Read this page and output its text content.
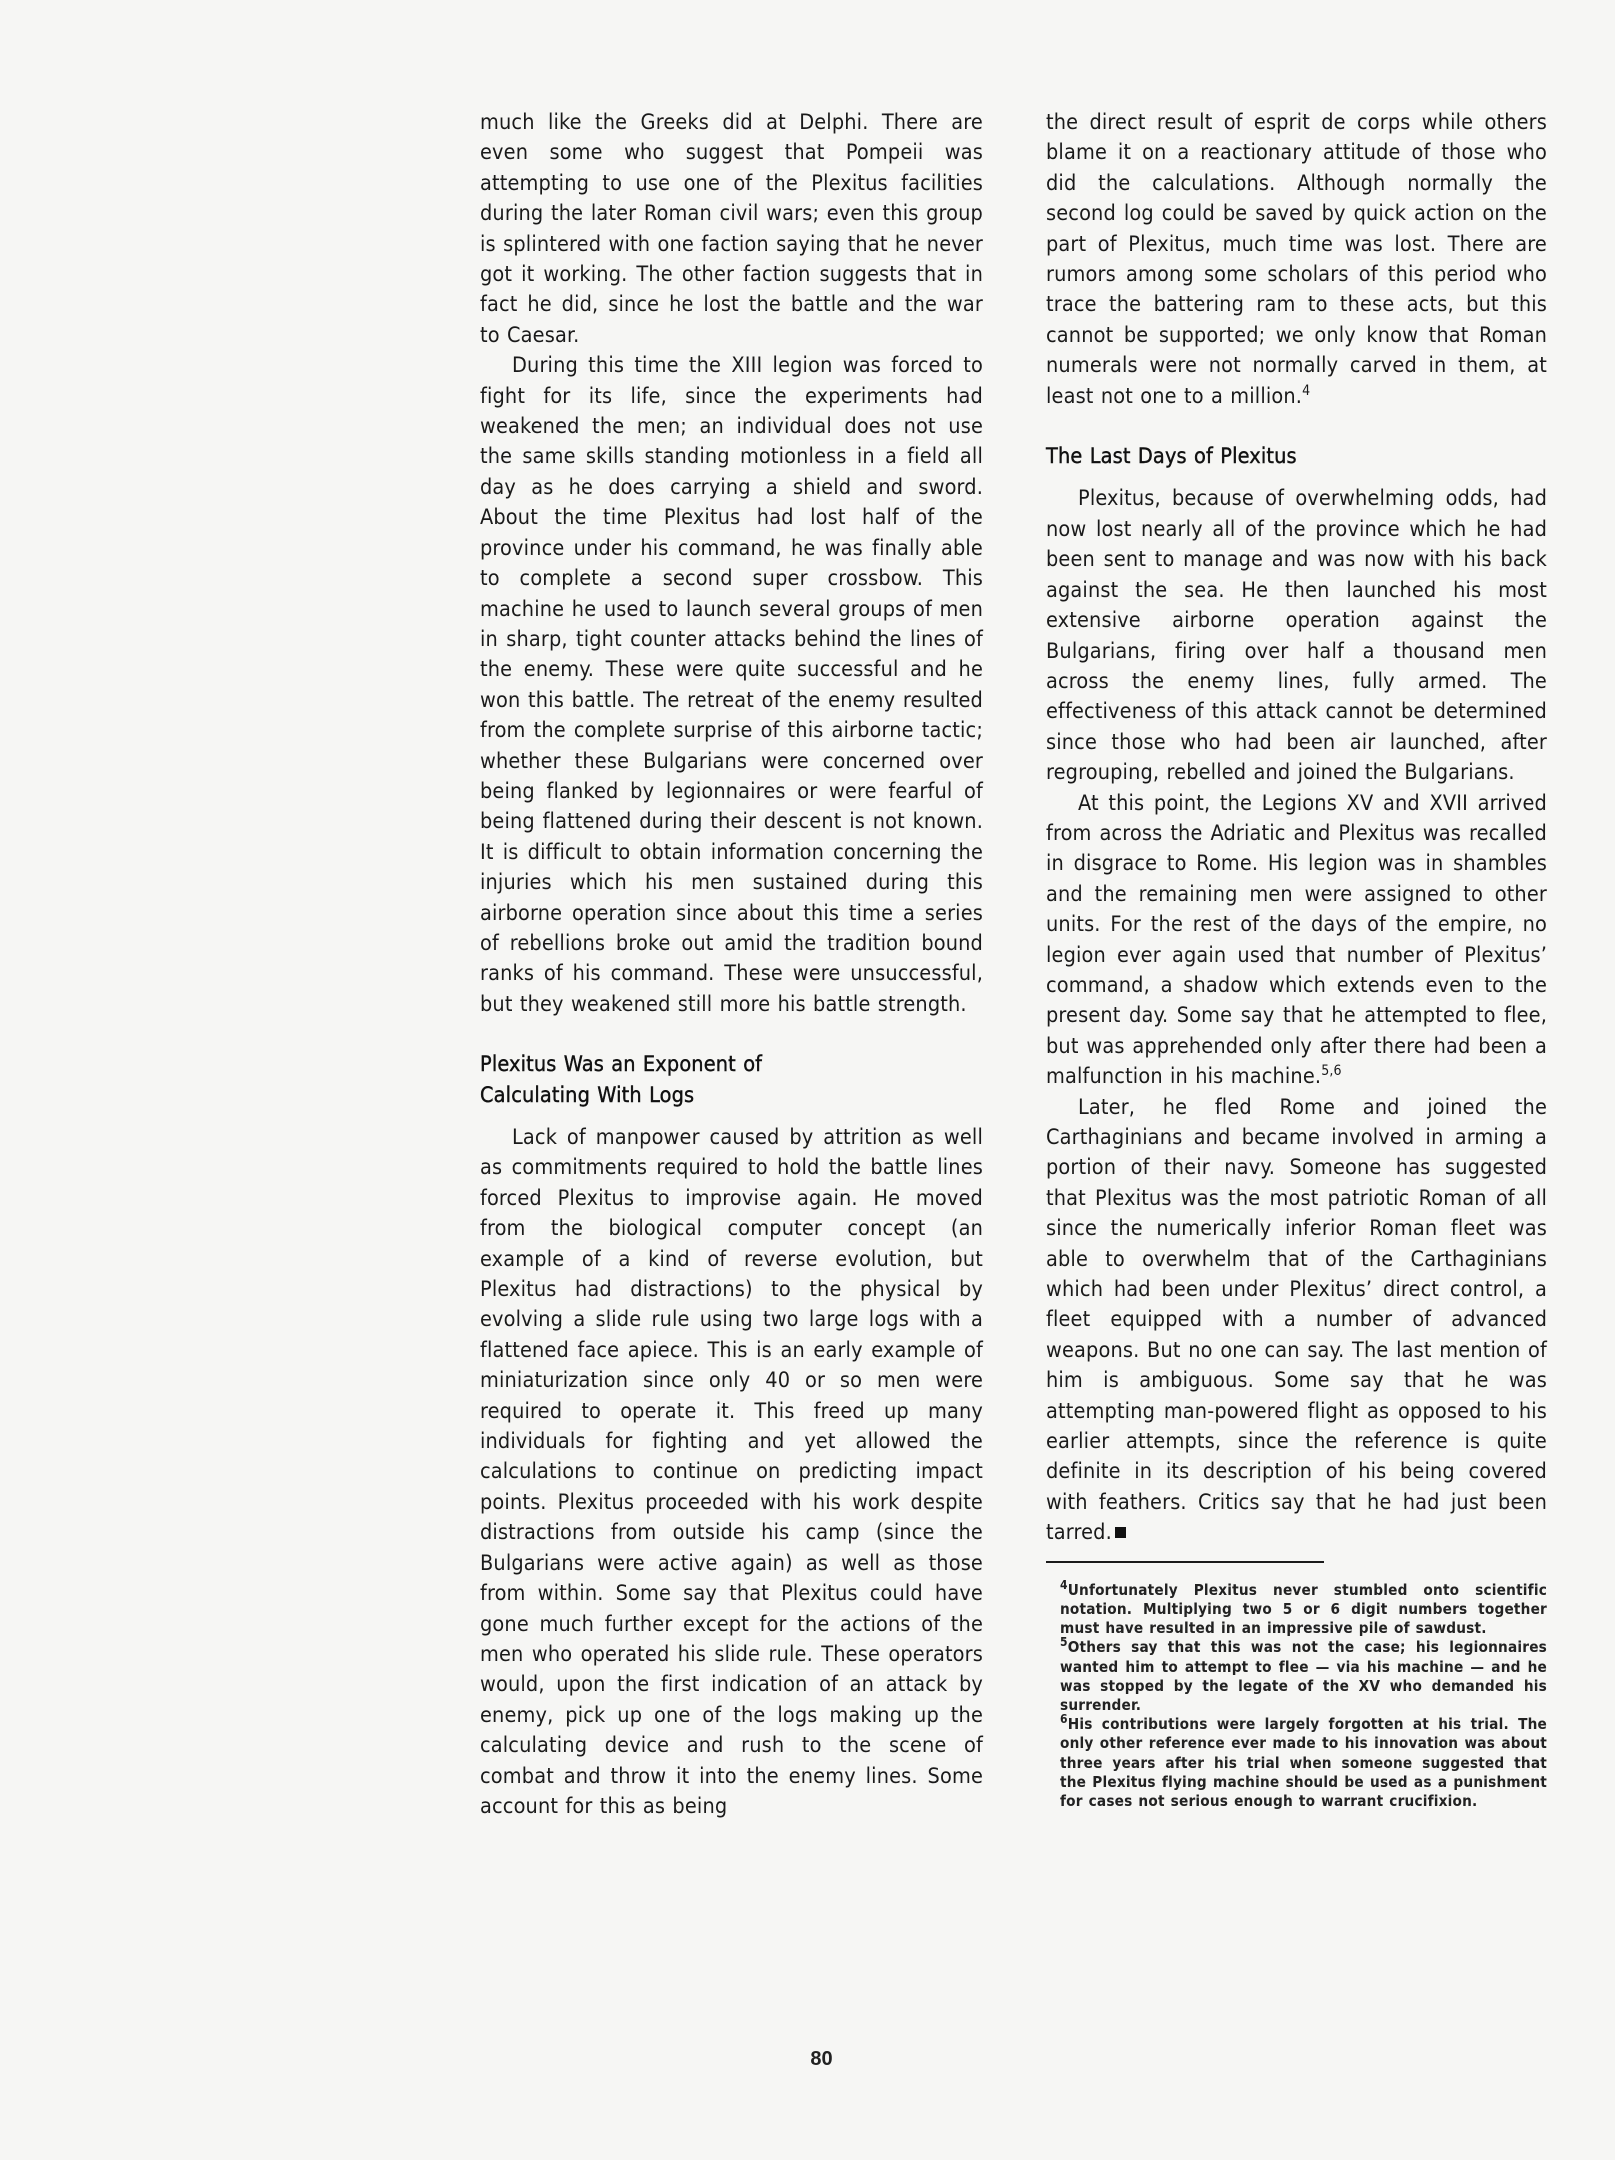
much like the Greeks did at Delphi. There are even some who suggest that Pompeii was attempting to use one of the Plexitus facilities during the later Roman civil wars; even this group is splintered with one faction saying that he never got it working. The other faction suggests that in fact he did, since he lost the battle and the war to Caesar.

During this time the XIII legion was forced to fight for its life, since the experiments had weakened the men; an individual does not use the same skills standing motionless in a field all day as he does carrying a shield and sword. About the time Plexitus had lost half of the province under his command, he was finally able to complete a second super crossbow. This machine he used to launch several groups of men in sharp, tight counter attacks behind the lines of the enemy. These were quite successful and he won this battle. The retreat of the enemy resulted from the complete surprise of this airborne tactic; whether these Bulgarians were concerned over being flanked by legionnaires or were fearful of being flattened during their descent is not known. It is difficult to obtain information concerning the injuries which his men sustained during this airborne operation since about this time a series of rebellions broke out amid the tradition bound ranks of his command. These were unsuccessful, but they weakened still more his battle strength.

Plexitus Was an Exponent of
Calculating With Logs

Lack of manpower caused by attrition as well as commitments required to hold the battle lines forced Plexitus to improvise again. He moved from the biological computer concept (an example of a kind of reverse evolution, but Plexitus had distractions) to the physical by evolving a slide rule using two large logs with a flattened face apiece. This is an early example of miniaturization since only 40 or so men were required to operate it. This freed up many individuals for fighting and yet allowed the calculations to continue on predicting impact points. Plexitus proceeded with his work despite distractions from outside his camp (since the Bulgarians were active again) as well as those from within. Some say that Plexitus could have gone much further except for the actions of the men who operated his slide rule. These operators would, upon the first indication of an attack by enemy, pick up one of the logs making up the calculating device and rush to the scene of combat and throw it into the enemy lines. Some account for this as being

the direct result of esprit de corps while others blame it on a reactionary attitude of those who did the calculations. Although normally the second log could be saved by quick action on the part of Plexitus, much time was lost. There are rumors among some scholars of this period who trace the battering ram to these acts, but this cannot be supported; we only know that Roman numerals were not normally carved in them, at least not one to a million.$^4$

The Last Days of Plexitus

Plexitus, because of overwhelming odds, had now lost nearly all of the province which he had been sent to manage and was now with his back against the sea. He then launched his most extensive airborne operation against the Bulgarians, firing over half a thousand men across the enemy lines, fully armed. The effectiveness of this attack cannot be determined since those who had been air launched, after regrouping, rebelled and joined the Bulgarians.

At this point, the Legions XV and XVII arrived from across the Adriatic and Plexitus was recalled in disgrace to Rome. His legion was in shambles and the remaining men were assigned to other units. For the rest of the days of the empire, no legion ever again used that number of Plexitus’ command, a shadow which extends even to the present day. Some say that he attempted to flee, but was apprehended only after there had been a malfunction in his machine.$^{5,6}$

Later, he fled Rome and joined the Carthaginians and became involved in arming a portion of their navy. Someone has suggested that Plexitus was the most patriotic Roman of all since the numerically inferior Roman fleet was able to overwhelm that of the Carthaginians which had been under Plexitus’ direct control, a fleet equipped with a number of advanced weapons. But no one can say. The last mention of him is ambiguous. Some say that he was attempting man-powered flight as opposed to his earlier attempts, since the reference is quite definite in its description of his being covered with feathers. Critics say that he had just been tarred.

$^4$Unfortunately Plexitus never stumbled onto scientific notation. Multiplying two 5 or 6 digit numbers together must have resulted in an impressive pile of sawdust.

$^5$Others say that this was not the case; his legionnaires wanted him to attempt to flee — via his machine — and he was stopped by the legate of the XV who demanded his surrender.

$^6$His contributions were largely forgotten at his trial. The only other reference ever made to his innovation was about three years after his trial when someone suggested that the Plexitus flying machine should be used as a punishment for cases not serious enough to warrant crucifixion.

80
